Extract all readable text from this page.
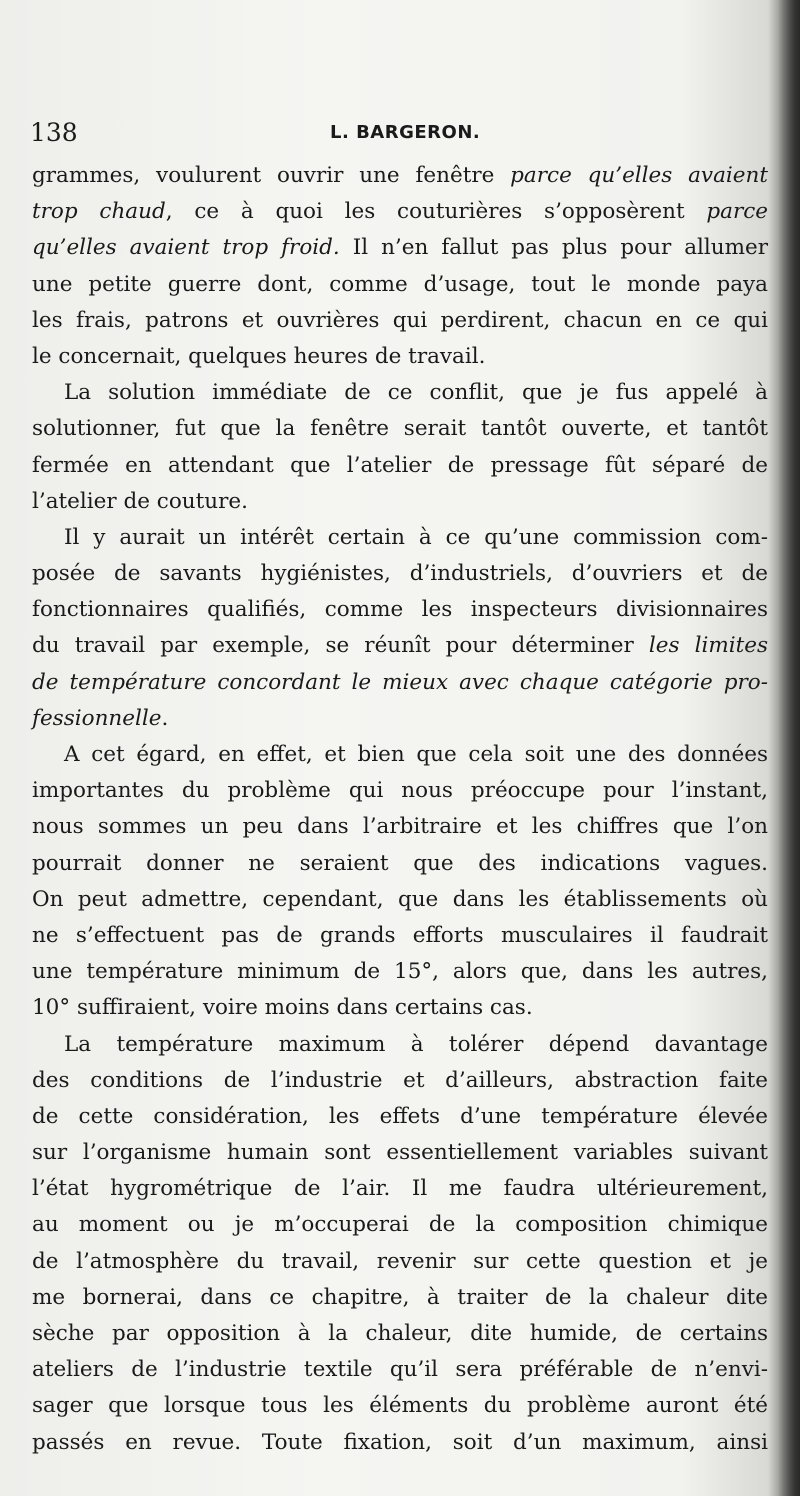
138	L. BARGERON.
grammes, voulurent ouvrir une fenêtre parce qu’elles avaient
trop chaud, ce à quoi les couturières s’opposèrent parce
qu’elles avaient trop froid. Il n’en fallut pas plus pour allumer
une petite guerre dont, comme d’usage, tout le monde paya
les frais, patrons et ouvrières qui perdirent, chacun en ce qui
le concernait, quelques heures de travail.
La solution immédiate de ce conflit, que je fus appelé à
solutionner, fut que la fenêtre serait tantôt ouverte, et tantôt
fermée en attendant que l’atelier de pressage fût séparé de
l’atelier de couture.
Il y aurait un intérêt certain à ce qu’une commission com-
posée de savants hygiénistes, d’industriels, d’ouvriers et de
fonctionnaires qualifiés, comme les inspecteurs divisionnaires
du travail par exemple, se réunît pour déterminer les limites
de température concordant le mieux avec chaque catégorie pro-
fessionnelle.
A cet égard, en effet, et bien que cela soit une des données
importantes du problème qui nous préoccupe pour l’instant,
nous sommes un peu dans l’arbitraire et les chiffres que l’on
pourrait donner ne seraient que des indications vagues.
On peut admettre, cependant, que dans les établissements où
ne s’effectuent pas de grands efforts musculaires il faudrait
une température minimum de 15°, alors que, dans les autres,
10° suffiraient, voire moins dans certains cas.
La température maximum à tolérer dépend davantage
des conditions de l’industrie et d’ailleurs, abstraction faite
de cette considération, les effets d’une température élevée
sur l’organisme humain sont essentiellement variables suivant
l’état hygrométrique de l’air. Il me faudra ultérieurement,
au moment ou je m’occuperai de la composition chimique
de l’atmosphère du travail, revenir sur cette question et je
me bornerai, dans ce chapitre, à traiter de la chaleur dite
sèche par opposition à la chaleur, dite humide, de certains
ateliers de l’industrie textile qu’il sera préférable de n’envi-
sager que lorsque tous les éléments du problème auront été
passés en revue. Toute fixation, soit d’un maximum, ainsi
